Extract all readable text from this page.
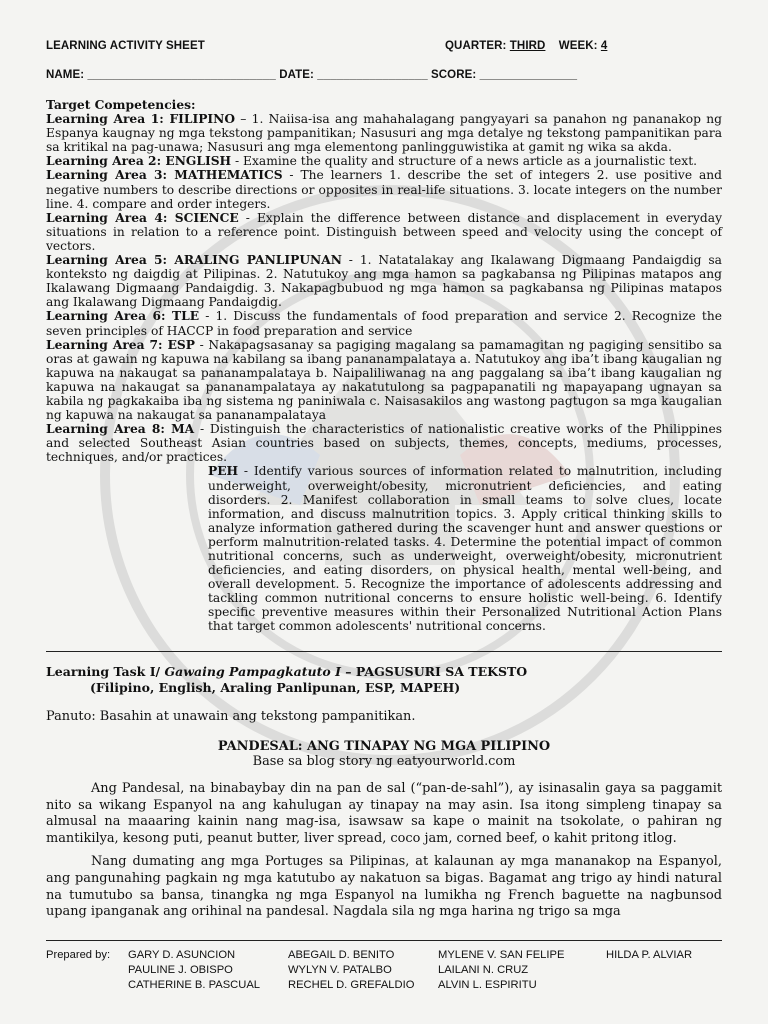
LEARNING ACTIVITY SHEET	QUARTER: THIRD WEEK: 4
NAME: _____________________________ DATE: _________________ SCORE: _______________

Target Competencies:

Learning Area 1: FILIPINO – 1. Naiisa-isa ang mahahalagang pangyayari sa panahon ng pananakop ng Espanya kaugnay ng mga tekstong pampanitikan; Nasusuri ang mga detalye ng tekstong pampanitikan para sa kritikal na pag-unawa; Nasusuri ang mga elementong panlingguwistika at gamit ng wika sa akda.

Learning Area 2: ENGLISH - Examine the quality and structure of a news article as a journalistic text.

Learning Area 3: MATHEMATICS - The learners 1. describe the set of integers 2. use positive and negative numbers to describe directions or opposites in real-life situations. 3. locate integers on the number line. 4. compare and order integers.

Learning Area 4: SCIENCE - Explain the difference between distance and displacement in everyday situations in relation to a reference point. Distinguish between speed and velocity using the concept of vectors.

Learning Area 5: ARALING PANLIPUNAN - 1. Natatalakay ang Ikalawang Digmaang Pandaigdig sa konteksto ng daigdig at Pilipinas. 2. Natutukoy ang mga hamon sa pagkabansa ng Pilipinas matapos ang Ikalawang Digmaang Pandaigdig. 3. Nakapagbubuod ng mga hamon sa pagkabansa ng Pilipinas matapos ang Ikalawang Digmaang Pandaigdig.

Learning Area 6: TLE - 1. Discuss the fundamentals of food preparation and service 2. Recognize the seven principles of HACCP in food preparation and service

Learning Area 7: ESP - Nakapagsasanay sa pagiging magalang sa pamamagitan ng pagiging sensitibo sa oras at gawain ng kapuwa na kabilang sa ibang pananampalataya a. Natutukoy ang iba’t ibang kaugalian ng kapuwa na nakaugat sa pananampalataya b. Naipaliliwanag na ang paggalang sa iba’t ibang kaugalian ng kapuwa na nakaugat sa pananampalataya ay nakatutulong sa pagpapanatili ng mapayapang ugnayan sa kabila ng pagkakaiba iba ng sistema ng paniniwala c. Naisasakilos ang wastong pagtugon sa mga kaugalian ng kapuwa na nakaugat sa pananampalataya

Learning Area 8: MA - Distinguish the characteristics of nationalistic creative works of the Philippines and selected Southeast Asian countries based on subjects, themes, concepts, mediums, processes, techniques, and/or practices.

PEH - Identify various sources of information related to malnutrition, including underweight, overweight/obesity, micronutrient deficiencies, and eating disorders. 2. Manifest collaboration in small teams to solve clues, locate information, and discuss malnutrition topics. 3. Apply critical thinking skills to analyze information gathered during the scavenger hunt and answer questions or perform malnutrition-related tasks. 4. Determine the potential impact of common nutritional concerns, such as underweight, overweight/obesity, micronutrient deficiencies, and eating disorders, on physical health, mental well-being, and overall development. 5. Recognize the importance of adolescents addressing and tackling common nutritional concerns to ensure holistic well-being. 6. Identify specific preventive measures within their Personalized Nutritional Action Plans that target common adolescents' nutritional concerns.

Learning Task I/ Gawaing Pampagkatuto I – PAGSUSURI SA TEKSTO
(Filipino, English, Araling Panlipunan, ESP, MAPEH)
Panuto: Basahin at unawain ang tekstong pampanitikan.
PANDESAL: ANG TINAPAY NG MGA PILIPINO
Base sa blog story ng eatyourworld.com

Ang Pandesal, na binabaybay din na pan de sal (“pan-de-sahl”), ay isinasalin gaya sa paggamit nito sa wikang Espanyol na ang kahulugan ay tinapay na may asin. Isa itong simpleng tinapay sa almusal na maaaring kainin nang mag-isa, isawsaw sa kape o mainit na tsokolate, o pahiran ng mantikilya, kesong puti, peanut butter, liver spread, coco jam, corned beef, o kahit pritong itlog.

Nang dumating ang mga Portuges sa Pilipinas, at kalaunan ay mga mananakop na Espanyol, ang pangunahing pagkain ng mga katutubo ay nakatuon sa bigas. Bagamat ang trigo ay hindi natural na tumutubo sa bansa, tinangka ng mga Espanyol na lumikha ng French baguette na nagbunsod upang ipanganak ang orihinal na pandesal. Nagdala sila ng mga harina ng trigo sa mga

Prepared by: GARY D. ASUNCION
PAULINE J. OBISPO
CATHERINE B. PASCUAL
ABEGAIL D. BENITO
WYLYN V. PATALBO
RECHEL D. GREFALDIO
MYLENE V. SAN FELIPE
LAILANI N. CRUZ
ALVIN L. ESPIRITU
HILDA P. ALVIAR
